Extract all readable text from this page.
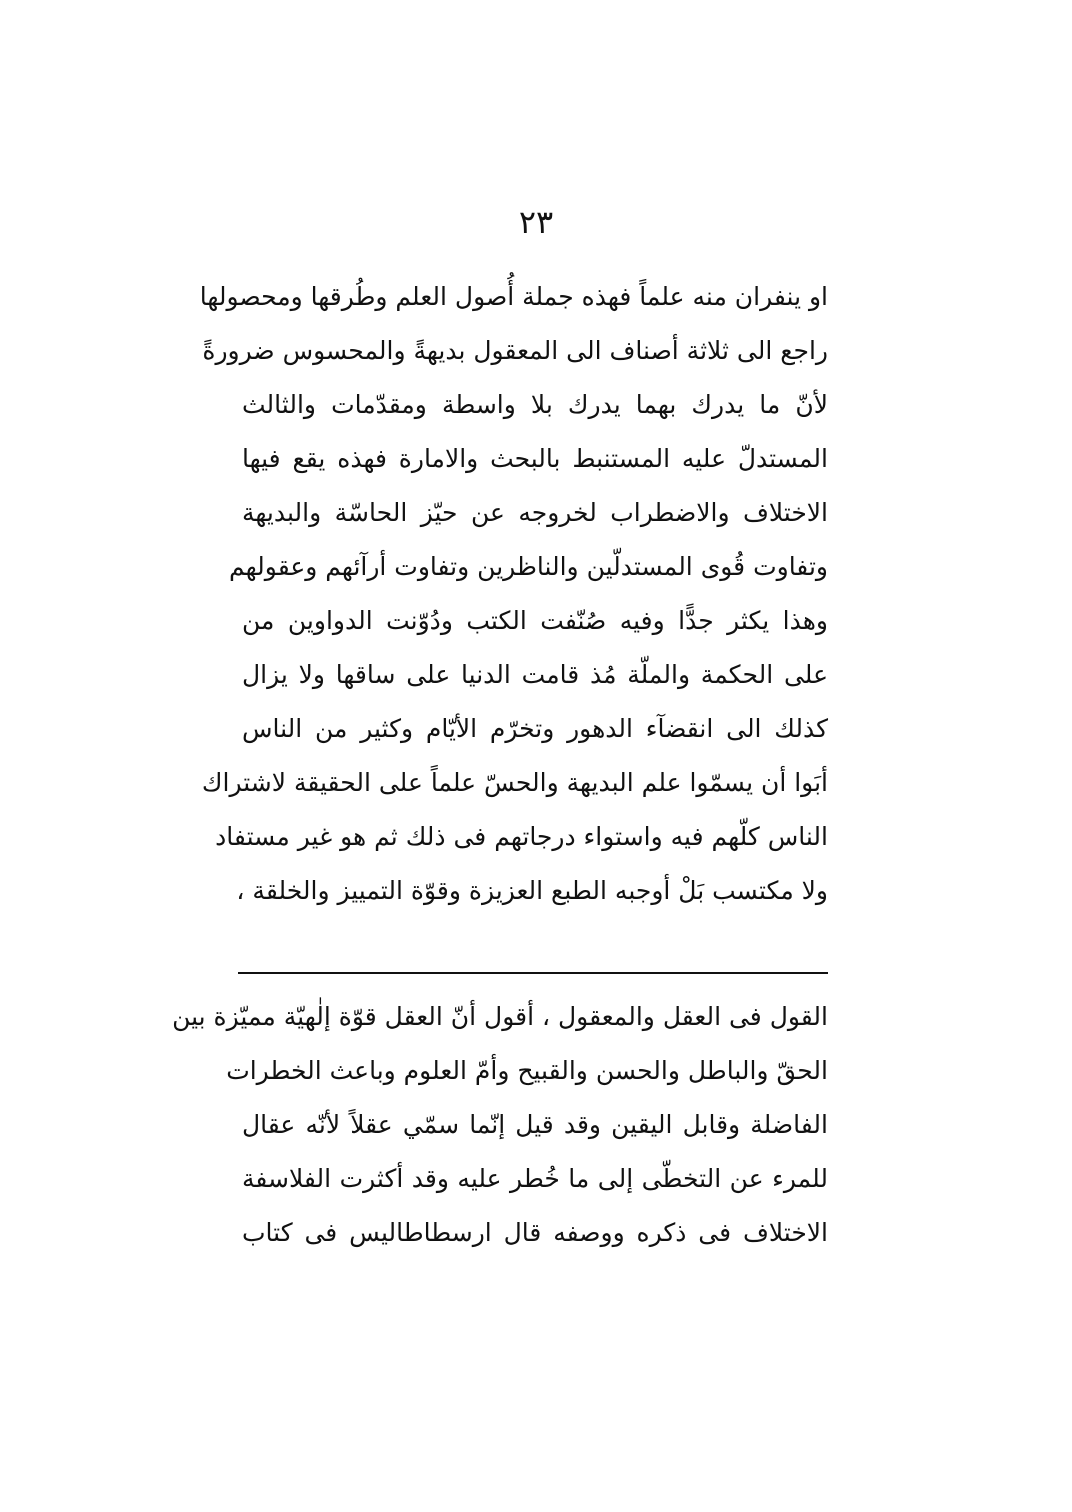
٢٣
او ينفران منه علماً فهذه جملة أُصول العلم وطُرقها ومحصولها
راجع الى ثلاثة أصناف الى المعقول بديهةً والمحسوس ضرورةً
لأنّ ما يدرك بهما يدرك بلا واسطة ومقدّمات والثالث
المستدلّ عليه المستنبط بالبحث والامارة فهذه يقع فيها
الاختلاف والاضطراب لخروجه عن حيّز الحاسّة والبديهة
وتفاوت قُوى المستدلّين والناظرين وتفاوت أرآئهم وعقولهم
وهذا يكثر جدًّا وفيه صُنّفت الكتب ودُوّنت الدواوين من
على الحكمة والملّة مُذ قامت الدنيا على ساقها ولا يزال
كذلك الى انقضآء الدهور وتخرّم الأيّام وكثير من الناس
أبَوا أن يسمّوا علم البديهة والحسّ علماً على الحقيقة لاشتراك
الناس كلّهم فيه واستواء درجاتهم فى ذلك ثم هو غير مستفاد
ولا مكتسب بَلْ أوجبه الطبع العزيزة وقوّة التمييز والخلقة ،
القول فى العقل والمعقول ، أقول أنّ العقل قوّة إلٰهيّة مميّزة بين
الحقّ والباطل والحسن والقبيح وأمّ العلوم وباعث الخطرات
الفاضلة وقابل اليقين وقد قيل إنّما سمّي عقلاً لأنّه عقال
للمرء عن التخطّى إلى ما خُطر عليه وقد أكثرت الفلاسفة
الاختلاف فى ذكره ووصفه قال ارسطاطاليس فى كتاب
